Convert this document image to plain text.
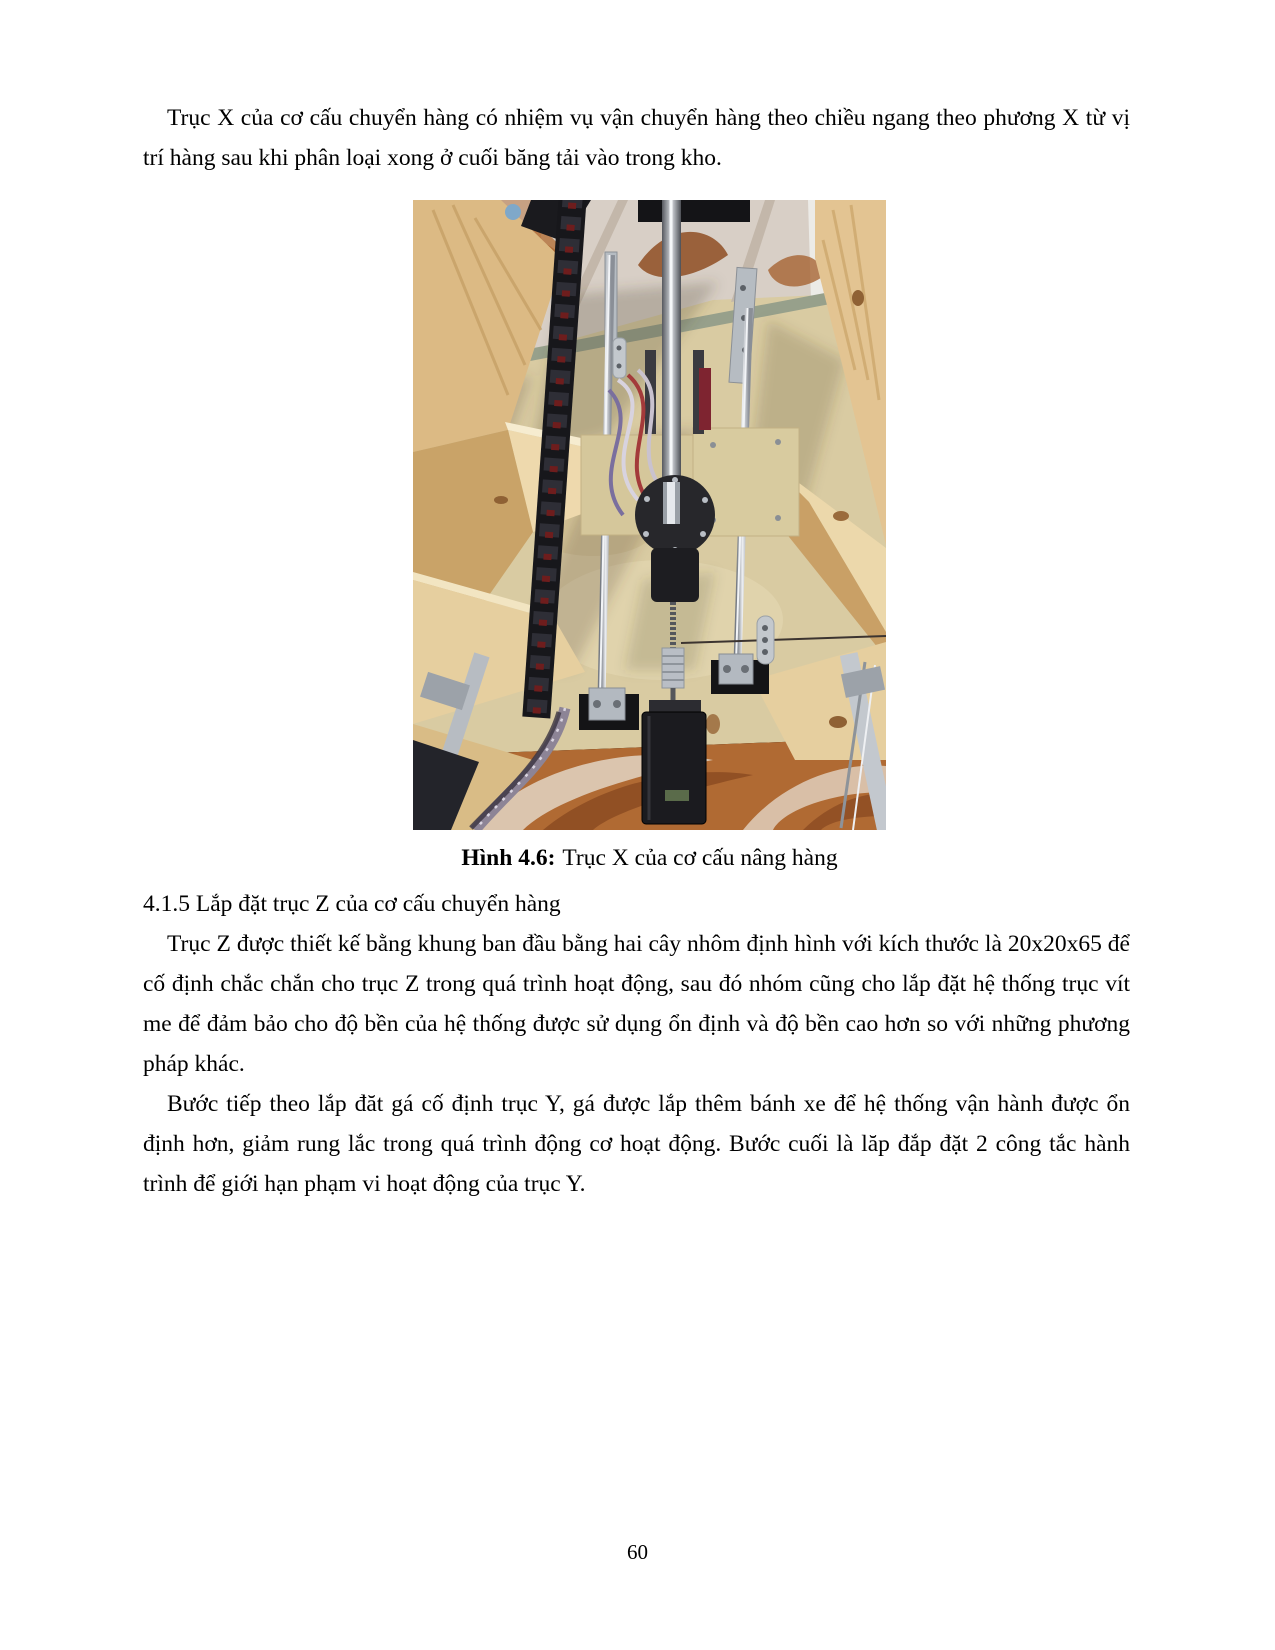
Trục X của cơ cấu chuyển hàng có nhiệm vụ vận chuyển hàng theo chiều ngang theo phương X từ vị trí hàng sau khi phân loại xong ở cuối băng tải vào trong kho.

Hình 4.6: Trục X của cơ cấu nâng hàng

4.1.5 Lắp đặt trục Z của cơ cấu chuyển hàng

Trục Z được thiết kế bằng khung ban đầu bằng hai cây nhôm định hình với kích thước là 20x20x65 để cố định chắc chắn cho trục Z trong quá trình hoạt động, sau đó nhóm cũng cho lắp đặt hệ thống trục vít me để đảm bảo cho độ bền của hệ thống được sử dụng ổn định và độ bền cao hơn so với những phương pháp khác.

Bước tiếp theo lắp đăt gá cố định trục Y, gá được lắp thêm bánh xe để hệ thống vận hành được ổn định hơn, giảm rung lắc trong quá trình động cơ hoạt động. Bước cuối là lăp đắp đặt 2 công tắc hành trình để giới hạn phạm vi hoạt động của trục Y.

60
